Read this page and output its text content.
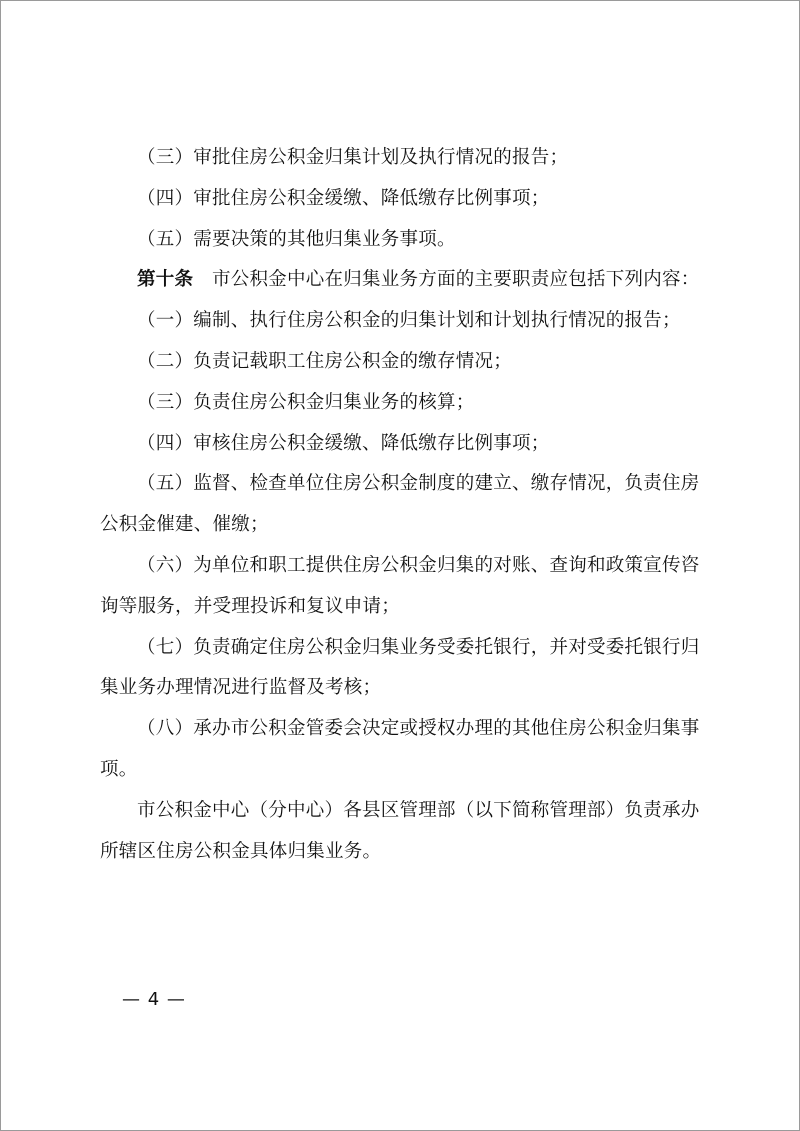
（三）审批住房公积金归集计划及执行情况的报告；

（四）审批住房公积金缓缴、降低缴存比例事项；

（五）需要决策的其他归集业务事项。

第十条　市公积金中心在归集业务方面的主要职责应包括下列内容：

（一）编制、执行住房公积金的归集计划和计划执行情况的报告；

（二）负责记载职工住房公积金的缴存情况；

（三）负责住房公积金归集业务的核算；

（四）审核住房公积金缓缴、降低缴存比例事项；

（五）监督、检查单位住房公积金制度的建立、缴存情况，负责住房公积金催建、催缴；

（六）为单位和职工提供住房公积金归集的对账、查询和政策宣传咨询等服务，并受理投诉和复议申请；

（七）负责确定住房公积金归集业务受委托银行，并对受委托银行归集业务办理情况进行监督及考核；

（八）承办市公积金管委会决定或授权办理的其他住房公积金归集事项。

市公积金中心（分中心）各县区管理部（以下简称管理部）负责承办所辖区住房公积金具体归集业务。

— 4 —
